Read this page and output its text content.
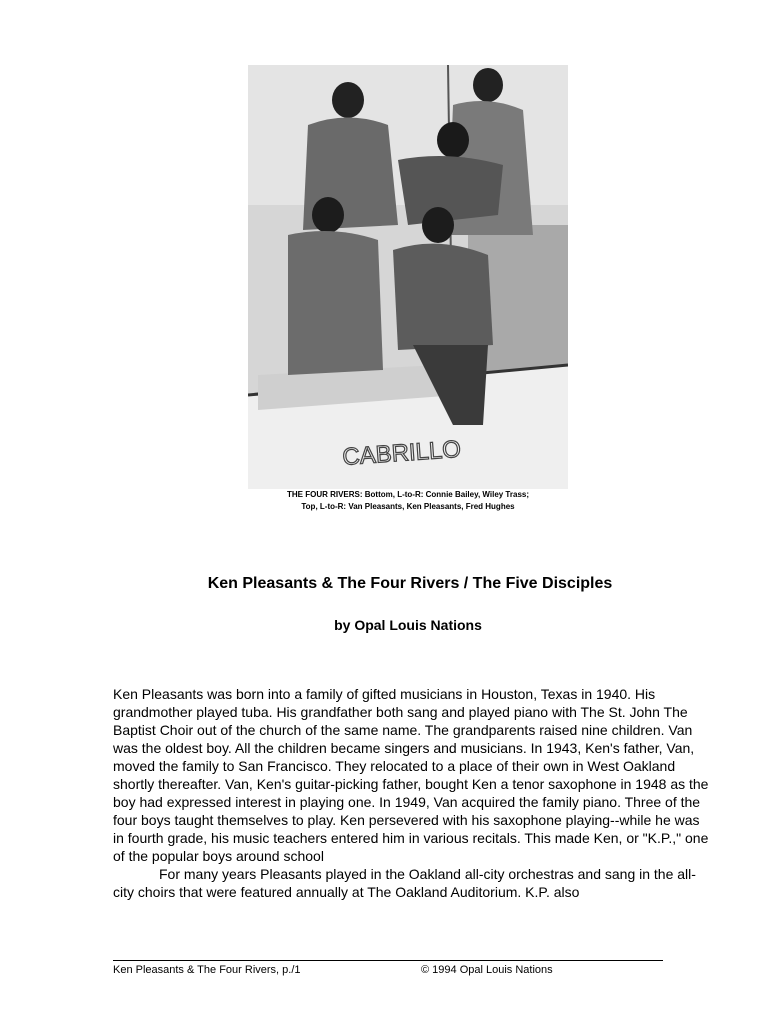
CABRILLO
THE FOUR RIVERS: Bottom, L-to-R: Connie Bailey, Wiley Trass;
Top, L-to-R: Van Pleasants, Ken Pleasants, Fred Hughes
Ken Pleasants & The Four Rivers / The Five Disciples
by Opal Louis Nations

Ken Pleasants was born into a family of gifted musicians in Houston, Texas in 1940. His grandmother played tuba. His grandfather both sang and played piano with The St. John The Baptist Choir out of the church of the same name. The grandparents raised nine children. Van was the oldest boy. All the children became singers and musicians. In 1943, Ken's father, Van, moved the family to San Francisco. They relocated to a place of their own in West Oakland shortly thereafter. Van, Ken's guitar-picking father, bought Ken a tenor saxophone in 1948 as the boy had expressed interest in playing one. In 1949, Van acquired the family piano. Three of the four boys taught themselves to play. Ken persevered with his saxophone playing--while he was in fourth grade, his music teachers entered him in various recitals. This made Ken, or "K.P.," one of the popular boys around school

For many years Pleasants played in the Oakland all-city orchestras and sang in the all-city choirs that were featured annually at The Oakland Auditorium. K.P. also

Ken Pleasants & The Four Rivers, p./1	© 1994 Opal Louis Nations
